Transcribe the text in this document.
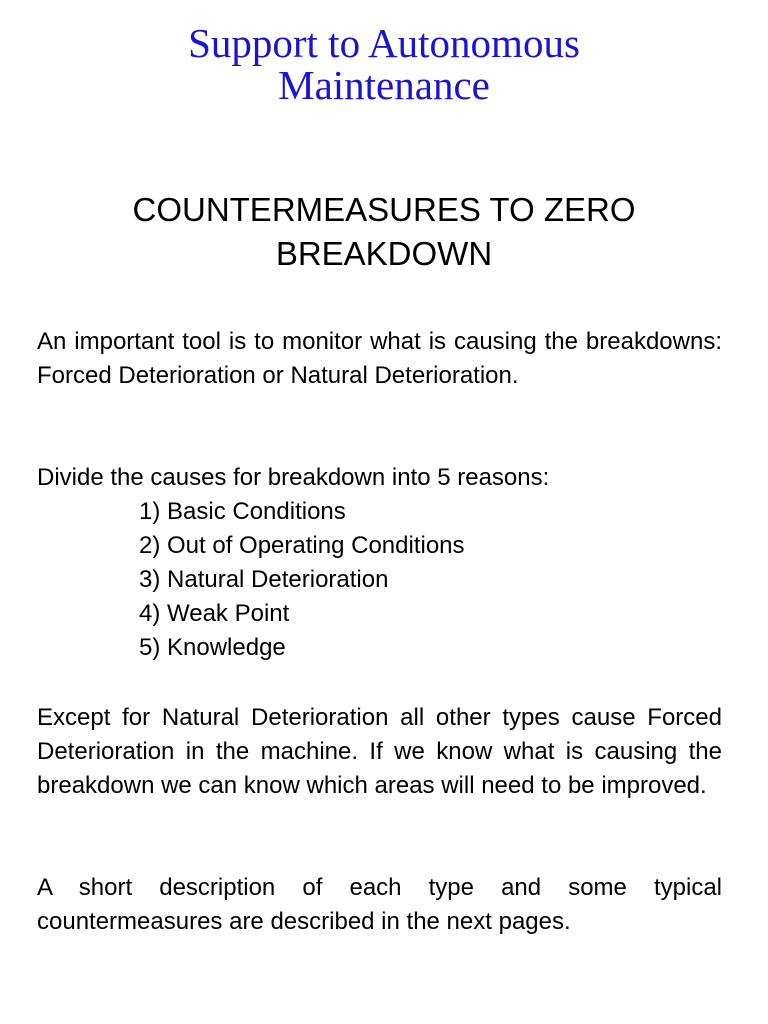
Support to Autonomous
Maintenance
COUNTERMEASURES TO ZERO
BREAKDOWN

An important tool is to monitor what is causing the breakdowns: Forced Deterioration or Natural Deterioration.

Divide the causes for breakdown into 5 reasons:
1) Basic Conditions
2) Out of Operating Conditions
3) Natural Deterioration
4) Weak Point
5) Knowledge

Except for Natural Deterioration all other types cause Forced Deterioration in the machine. If we know what is causing the breakdown we can know which areas will need to be improved.

A short description of each type and some typical countermeasures are described in the next pages.
